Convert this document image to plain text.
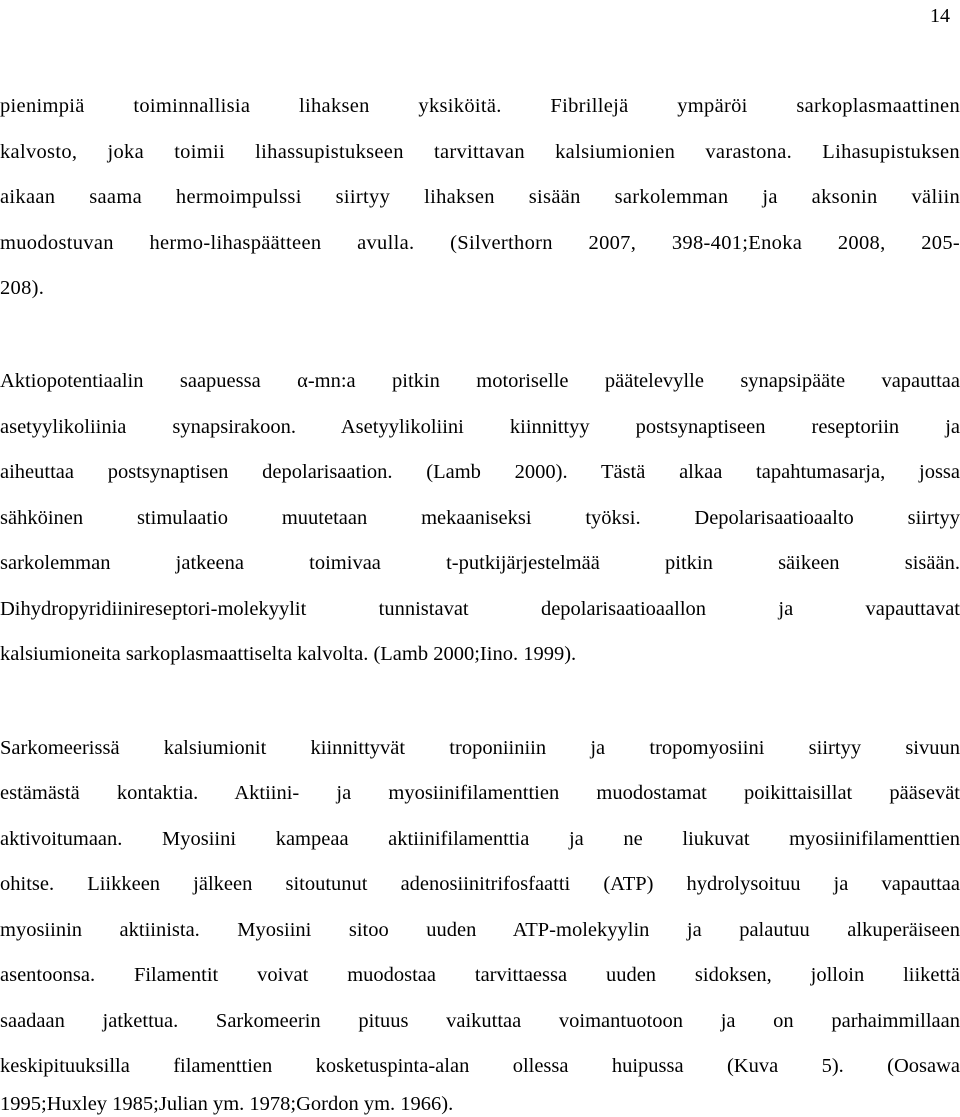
14
pienimpiä toiminnallisia lihaksen yksiköitä. Fibrillejä ympäröi sarkoplasmaattinen
kalvosto, joka toimii lihassupistukseen tarvittavan kalsiumionien varastona. Lihasupistuksen
aikaan saama hermoimpulssi siirtyy lihaksen sisään sarkolemman ja aksonin väliin
muodostuvan hermo-lihaspäätteen avulla. (Silverthorn 2007, 398-401;Enoka 2008, 205-
208).
Aktiopotentiaalin saapuessa α-mn:a pitkin motoriselle päätelevylle synapsipääte vapauttaa
asetyylikoliinia synapsirakoon. Asetyylikoliini kiinnittyy postsynaptiseen reseptoriin ja
aiheuttaa postsynaptisen depolarisaation. (Lamb 2000). Tästä alkaa tapahtumasarja, jossa
sähköinen stimulaatio muutetaan mekaaniseksi työksi. Depolarisaatioaalto siirtyy
sarkolemman jatkeena toimivaa t-putkijärjestelmää pitkin säikeen sisään.
Dihydropyridiinireseptori-molekyylit tunnistavat depolarisaatioaallon ja vapauttavat
kalsiumioneita sarkoplasmaattiselta kalvolta. (Lamb 2000;Iino. 1999).
Sarkomeerissä kalsiumionit kiinnittyvät troponiiniin ja tropomyosiini siirtyy sivuun
estämästä kontaktia. Aktiini- ja myosiinifilamenttien muodostamat poikittaisillat pääsevät
aktivoitumaan. Myosiini kampeaa aktiinifilamenttia ja ne liukuvat myosiinifilamenttien
ohitse. Liikkeen jälkeen sitoutunut adenosiinitrifosfaatti (ATP) hydrolysoituu ja vapauttaa
myosiinin aktiinista. Myosiini sitoo uuden ATP-molekyylin ja palautuu alkuperäiseen
asentoonsa. Filamentit voivat muodostaa tarvittaessa uuden sidoksen, jolloin liikettä
saadaan jatkettua. Sarkomeerin pituus vaikuttaa voimantuotoon ja on parhaimmillaan
keskipituuksilla filamenttien kosketuspinta-alan ollessa huipussa (Kuva 5). (Oosawa
1995;Huxley 1985;Julian ym. 1978;Gordon ym. 1966).
